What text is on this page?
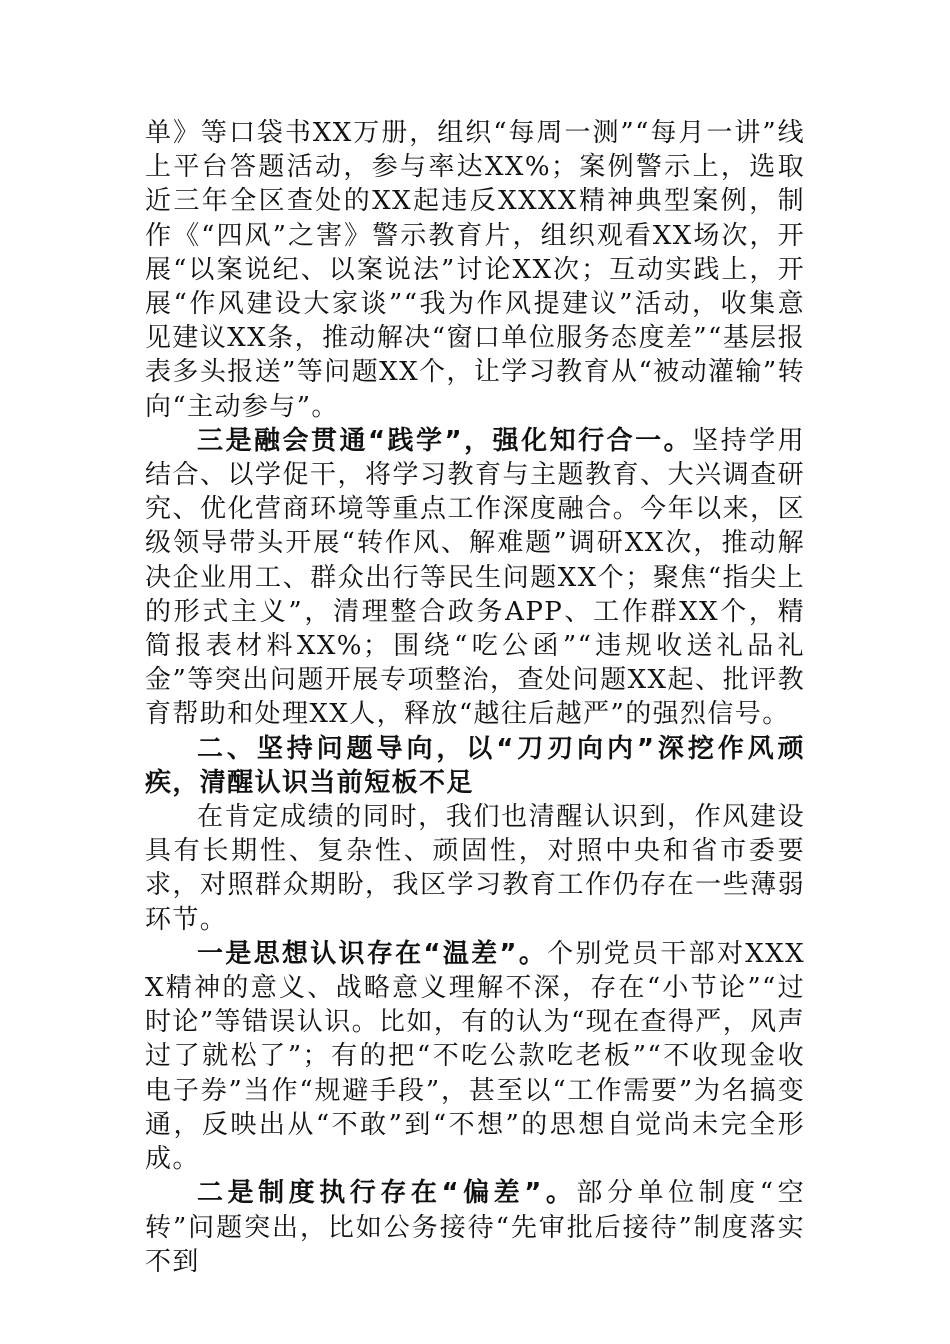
单》等口袋书XX万册，组织“每周一测”“每月一讲”线上平台答题活动，参与率达XX%；案例警示上，选取近三年全区查处的XX起违反XXXX精神典型案例，制作《“四风”之害》警示教育片，组织观看XX场次，开展“以案说纪、以案说法”讨论XX次；互动实践上，开展“作风建设大家谈”“我为作风提建议”活动，收集意见建议XX条，推动解决“窗口单位服务态度差”“基层报表多头报送”等问题XX个，让学习教育从“被动灌输”转向“主动参与”。

三是融会贯通“践学”，强化知行合一。坚持学用结合、以学促干，将学习教育与主题教育、大兴调查研究、优化营商环境等重点工作深度融合。今年以来，区级领导带头开展“转作风、解难题”调研XX次，推动解决企业用工、群众出行等民生问题XX个；聚焦“指尖上的形式主义”，清理整合政务APP、工作群XX个，精简报表材料XX%；围绕“吃公函”“违规收送礼品礼金”等突出问题开展专项整治，查处问题XX起、批评教育帮助和处理XX人，释放“越往后越严”的强烈信号。

二、坚持问题导向，以“刀刃向内”深挖作风顽疾，清醒认识当前短板不足

在肯定成绩的同时，我们也清醒认识到，作风建设具有长期性、复杂性、顽固性，对照中央和省市委要求，对照群众期盼，我区学习教育工作仍存在一些薄弱环节。

一是思想认识存在“温差”。个别党员干部对XXXX精神的意义、战略意义理解不深，存在“小节论”“过时论”等错误认识。比如，有的认为“现在查得严，风声过了就松了”；有的把“不吃公款吃老板”“不收现金收电子券”当作“规避手段”，甚至以“工作需要”为名搞变通，反映出从“不敢”到“不想”的思想自觉尚未完全形成。

二是制度执行存在“偏差”。部分单位制度“空转”问题突出，比如公务接待“先审批后接待”制度落实不到
